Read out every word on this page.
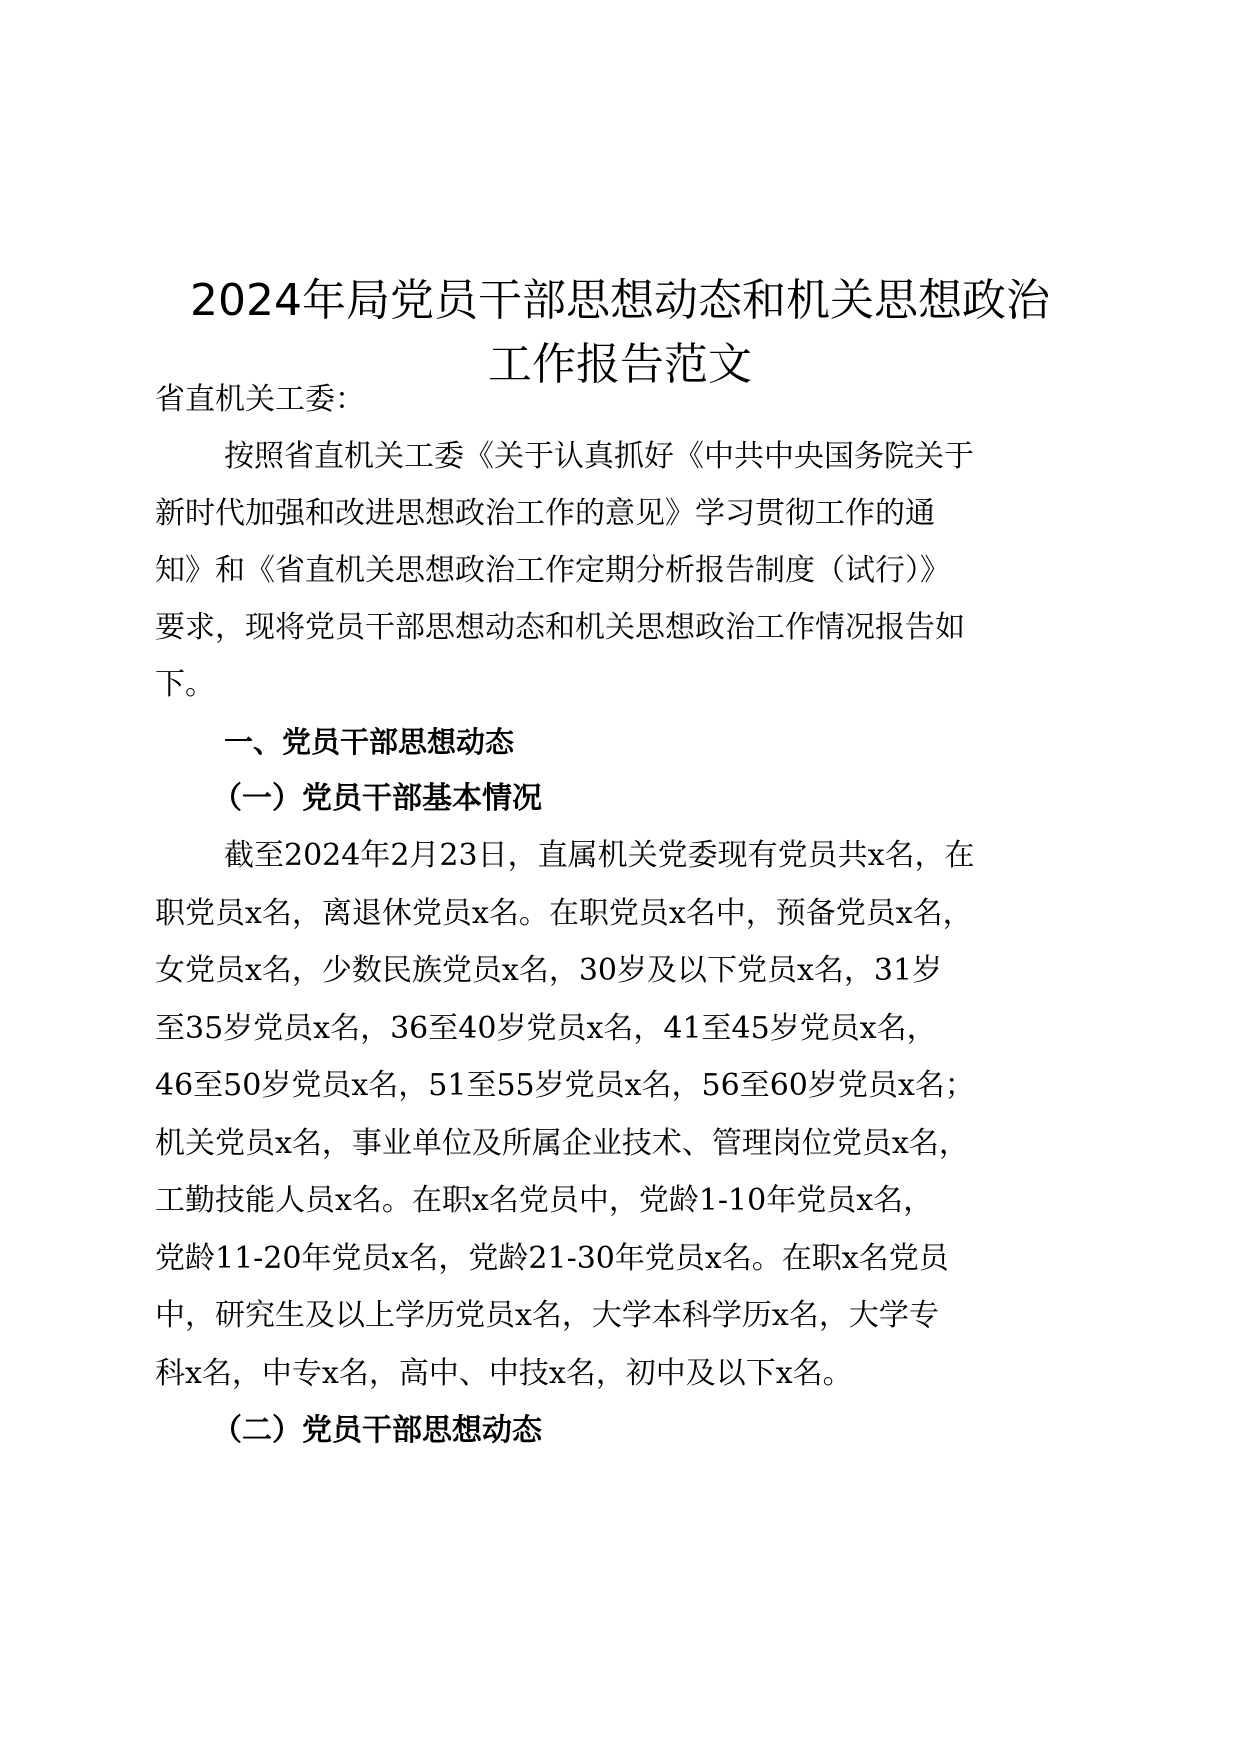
2024年局党员干部思想动态和机关思想政治
工作报告范文
省直机关工委：
按照省直机关工委《关于认真抓好《中共中央国务院关于
新时代加强和改进思想政治工作的意见》学习贯彻工作的通
知》和《省直机关思想政治工作定期分析报告制度（试行）》
要求，现将党员干部思想动态和机关思想政治工作情况报告如
下。
一、党员干部思想动态
（一）党员干部基本情况
截至2024年2月23日，直属机关党委现有党员共x名，在
职党员x名，离退休党员x名。在职党员x名中，预备党员x名，
女党员x名，少数民族党员x名，30岁及以下党员x名，31岁
至35岁党员x名，36至40岁党员x名，41至45岁党员x名，
46至50岁党员x名，51至55岁党员x名，56至60岁党员x名；
机关党员x名，事业单位及所属企业技术、管理岗位党员x名，
工勤技能人员x名。在职x名党员中，党龄1-10年党员x名，
党龄11-20年党员x名，党龄21-30年党员x名。在职x名党员
中，研究生及以上学历党员x名，大学本科学历x名，大学专
科x名，中专x名，高中、中技x名，初中及以下x名。
（二）党员干部思想动态
